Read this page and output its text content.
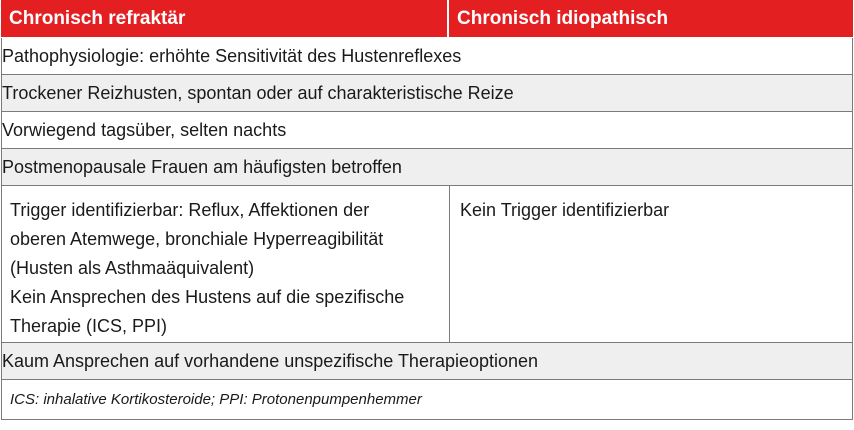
Chronisch refraktär	Chronisch idiopathisch
Pathophysiologie: erhöhte Sensitivität des Hustenreflexes
Trockener Reizhusten, spontan oder auf charakteristische Reize
Vorwiegend tagsüber, selten nachts
Postmenopausale Frauen am häufigsten betroffen
Trigger identifizierbar: Reflux, Affektionen der
oberen Atemwege, bronchiale Hyperreagibilität
(Husten als Asthmaäquivalent)
Kein Ansprechen des Hustens auf die spezifische
Therapie (ICS, PPI)
Kein Trigger identifizierbar
Kaum Ansprechen auf vorhandene unspezifische Therapieoptionen
ICS: inhalative Kortikosteroide; PPI: Protonenpumpenhemmer
